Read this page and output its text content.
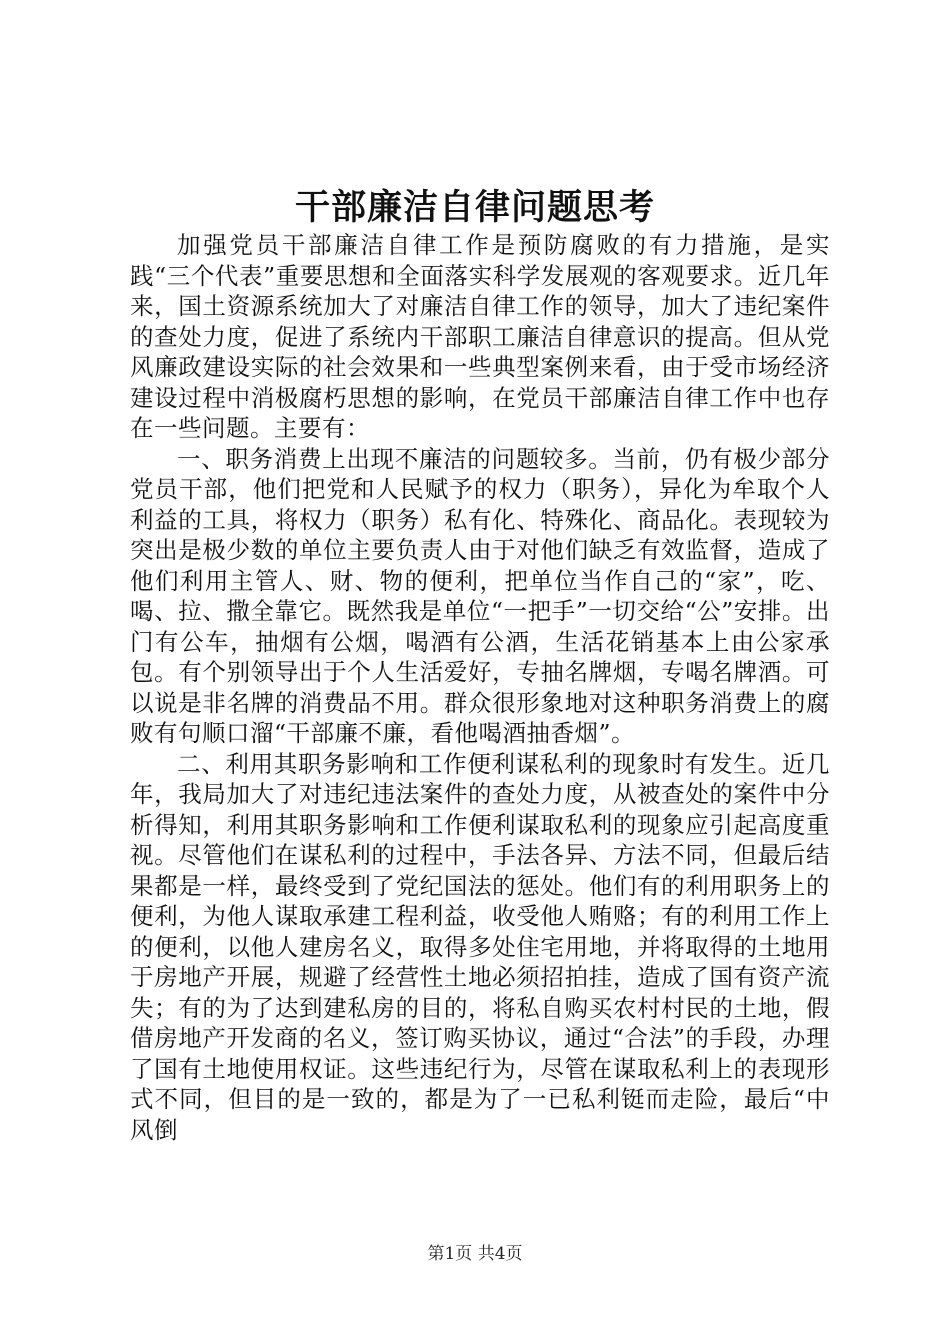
干部廉洁自律问题思考

加强党员干部廉洁自律工作是预防腐败的有力措施，是实践“三个代表”重要思想和全面落实科学发展观的客观要求。近几年来，国土资源系统加大了对廉洁自律工作的领导，加大了违纪案件的查处力度，促进了系统内干部职工廉洁自律意识的提高。但从党风廉政建设实际的社会效果和一些典型案例来看，由于受市场经济建设过程中消极腐朽思想的影响，在党员干部廉洁自律工作中也存在一些问题。主要有：

一、职务消费上出现不廉洁的问题较多。当前，仍有极少部分党员干部，他们把党和人民赋予的权力（职务），异化为牟取个人利益的工具，将权力（职务）私有化、特殊化、商品化。表现较为突出是极少数的单位主要负责人由于对他们缺乏有效监督，造成了他们利用主管人、财、物的便利，把单位当作自己的“家”，吃、喝、拉、撒全靠它。既然我是单位“一把手”一切交给“公”安排。出门有公车，抽烟有公烟，喝酒有公酒，生活花销基本上由公家承包。有个别领导出于个人生活爱好，专抽名牌烟，专喝名牌酒。可以说是非名牌的消费品不用。群众很形象地对这种职务消费上的腐败有句顺口溜“干部廉不廉，看他喝酒抽香烟”。

二、利用其职务影响和工作便利谋私利的现象时有发生。近几年，我局加大了对违纪违法案件的查处力度，从被查处的案件中分析得知，利用其职务影响和工作便利谋取私利的现象应引起高度重视。尽管他们在谋私利的过程中，手法各异、方法不同，但最后结果都是一样，最终受到了党纪国法的惩处。他们有的利用职务上的便利，为他人谋取承建工程利益，收受他人贿赂；有的利用工作上的便利，以他人建房名义，取得多处住宅用地，并将取得的土地用于房地产开展，规避了经营性土地必须招拍挂，造成了国有资产流失；有的为了达到建私房的目的，将私自购买农村村民的土地，假借房地产开发商的名义，签订购买协议，通过“合法”的手段，办理了国有土地使用权证。这些违纪行为，尽管在谋取私利上的表现形式不同，但目的是一致的，都是为了一已私利铤而走险，最后“中风倒

第1页 共4页
